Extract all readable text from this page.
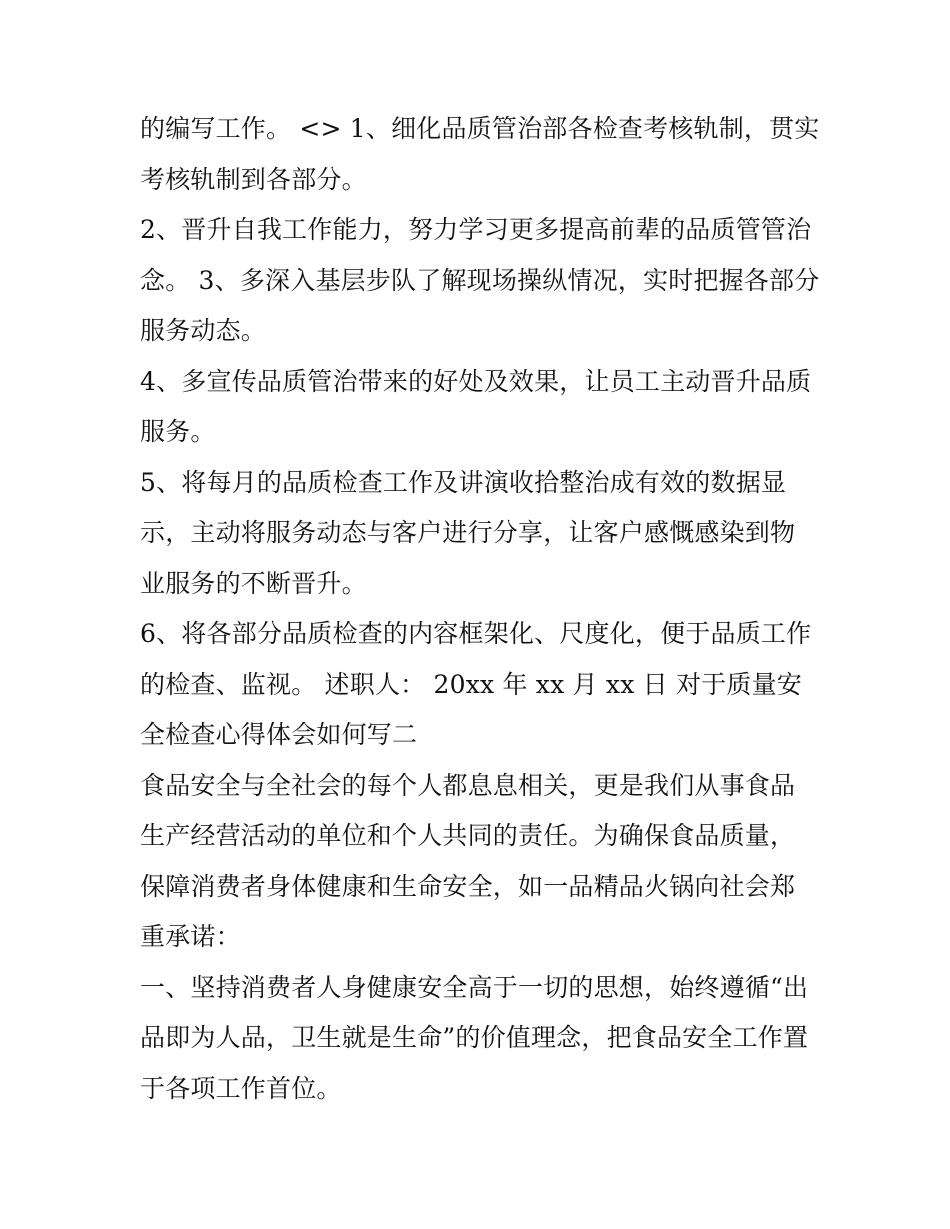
的编写工作。 <> 1、细化品质管治部各检查考核轨制，贯实考核轨制到各部分。

2、晋升自我工作能力，努力学习更多提高前辈的品质管管治念。 3、多深入基层步队了解现场操纵情况，实时把握各部分服务动态。

4、多宣传品质管治带来的好处及效果，让员工主动晋升品质服务。

5、将每月的品质检查工作及讲演收拾整治成有效的数据显示，主动将服务动态与客户进行分享，让客户感慨感染到物业服务的不断晋升。

6、将各部分品质检查的内容框架化、尺度化，便于品质工作的检查、监视。 述职人： 20xx 年 xx 月 xx 日 对于质量安全检查心得体会如何写二

食品安全与全社会的每个人都息息相关，更是我们从事食品生产经营活动的单位和个人共同的责任。为确保食品质量，保障消费者身体健康和生命安全，如一品精品火锅向社会郑重承诺：

一、坚持消费者人身健康安全高于一切的思想，始终遵循“出品即为人品，卫生就是生命”的价值理念，把食品安全工作置于各项工作首位。
